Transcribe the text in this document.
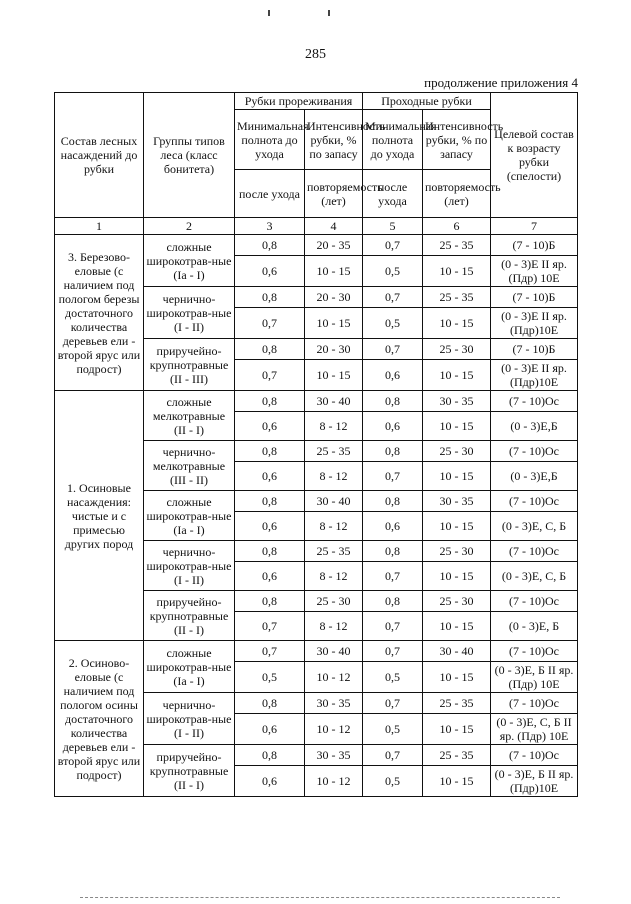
285
продолжение приложения 4
Состав лесных насаждений до рубки	Группы типов леса (класс бонитета)	Рубки прореживания		Проходные рубки		Целевой состав к возрасту рубки (спелости)
		Минимальная полнота до ухода	Интенсивность рубки, % по запасу	Минимальная полнота до ухода	Интенсивность рубки, % по запасу	
		после ухода	повторяемость (лет)	после ухода	повторяемость (лет)	
1	2	3	4	5	6	7
3. Березово-еловые (с наличием под пологом березы достаточного количества деревьев ели - второй ярус или подрост)	сложные широкотрав-ные (Ia - I)	0,8	20 - 35	0,7	25 - 35	(7 - 10)Б
		0,6	10 - 15	0,5	10 - 15	(0 - 3)Е II яр. (Пдр) 10Е
	чернично-широкотрав-ные (I - II)	0,8	20 - 30	0,7	25 - 35	(7 - 10)Б
		0,7	10 - 15	0,5	10 - 15	(0 - 3)Е II яр.(Пдр)10Е
	приручейно-крупнотравные (II - III)	0,8	20 - 30	0,7	25 - 30	(7 - 10)Б
		0,7	10 - 15	0,6	10 - 15	(0 - 3)Е II яр.(Пдр)10Е
1. Осиновые насаждения: чистые и с примесью других пород	сложные мелкотравные (II - I)	0,8	30 - 40	0,8	30 - 35	(7 - 10)Ос
		0,6	8 - 12	0,6	10 - 15	(0 - 3)Е,Б
	чернично-мелкотравные (III - II)	0,8	25 - 35	0,8	25 - 30	(7 - 10)Ос
		0,6	8 - 12	0,7	10 - 15	(0 - 3)Е,Б
	сложные широкотрав-ные (Ia - I)	0,8	30 - 40	0,8	30 - 35	(7 - 10)Ос
		0,6	8 - 12	0,6	10 - 15	(0 - 3)Е, С, Б
	чернично-широкотрав-ные (I - II)	0,8	25 - 35	0,8	25 - 30	(7 - 10)Ос
		0,6	8 - 12	0,7	10 - 15	(0 - 3)Е, С, Б
	приручейно-крупнотравные (II - I)	0,8	25 - 30	0,8	25 - 30	(7 - 10)Ос
		0,7	8 - 12	0,7	10 - 15	(0 - 3)Е, Б
2. Осиново-еловые (с наличием под пологом осины достаточного количества деревьев ели - второй ярус или подрост)	сложные широкотрав-ные (Ia - I)	0,7	30 - 40	0,7	30 - 40	(7 - 10)Ос
		0,5	10 - 12	0,5	10 - 15	(0 - 3)Е, Б II яр. (Пдр) 10Е
	чернично-широкотрав-ные (I - II)	0,8	30 - 35	0,7	25 - 35	(7 - 10)Ос
		0,6	10 - 12	0,5	10 - 15	(0 - 3)Е, С, Б II яр. (Пдр) 10Е
	приручейно-крупнотравные (II - I)	0,8	30 - 35	0,7	25 - 35	(7 - 10)Ос
		0,6	10 - 12	0,5	10 - 15	(0 - 3)Е, Б II яр.(Пдр)10Е
